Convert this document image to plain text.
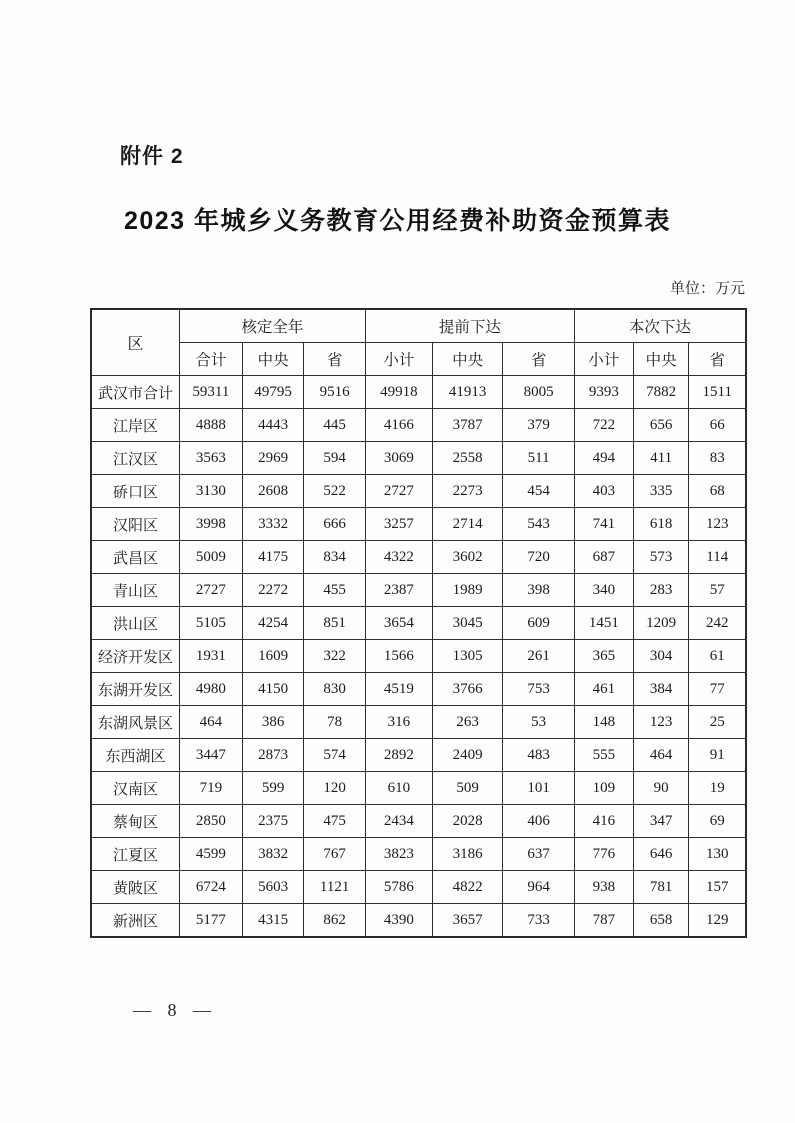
附件 2
2023 年城乡义务教育公用经费补助资金预算表
单位：万元
区	核定全年			提前下达			本次下达		
	合计	中央	省	小计	中央	省	小计	中央	省
武汉市合计	59311	49795	9516	49918	41913	8005	9393	7882	1511
江岸区	4888	4443	445	4166	3787	379	722	656	66
江汉区	3563	2969	594	3069	2558	511	494	411	83
硚口区	3130	2608	522	2727	2273	454	403	335	68
汉阳区	3998	3332	666	3257	2714	543	741	618	123
武昌区	5009	4175	834	4322	3602	720	687	573	114
青山区	2727	2272	455	2387	1989	398	340	283	57
洪山区	5105	4254	851	3654	3045	609	1451	1209	242
经济开发区	1931	1609	322	1566	1305	261	365	304	61
东湖开发区	4980	4150	830	4519	3766	753	461	384	77
东湖风景区	464	386	78	316	263	53	148	123	25
东西湖区	3447	2873	574	2892	2409	483	555	464	91
汉南区	719	599	120	610	509	101	109	90	19
蔡甸区	2850	2375	475	2434	2028	406	416	347	69
江夏区	4599	3832	767	3823	3186	637	776	646	130
黄陂区	6724	5603	1121	5786	4822	964	938	781	157
新洲区	5177	4315	862	4390	3657	733	787	658	129
— 8 —
